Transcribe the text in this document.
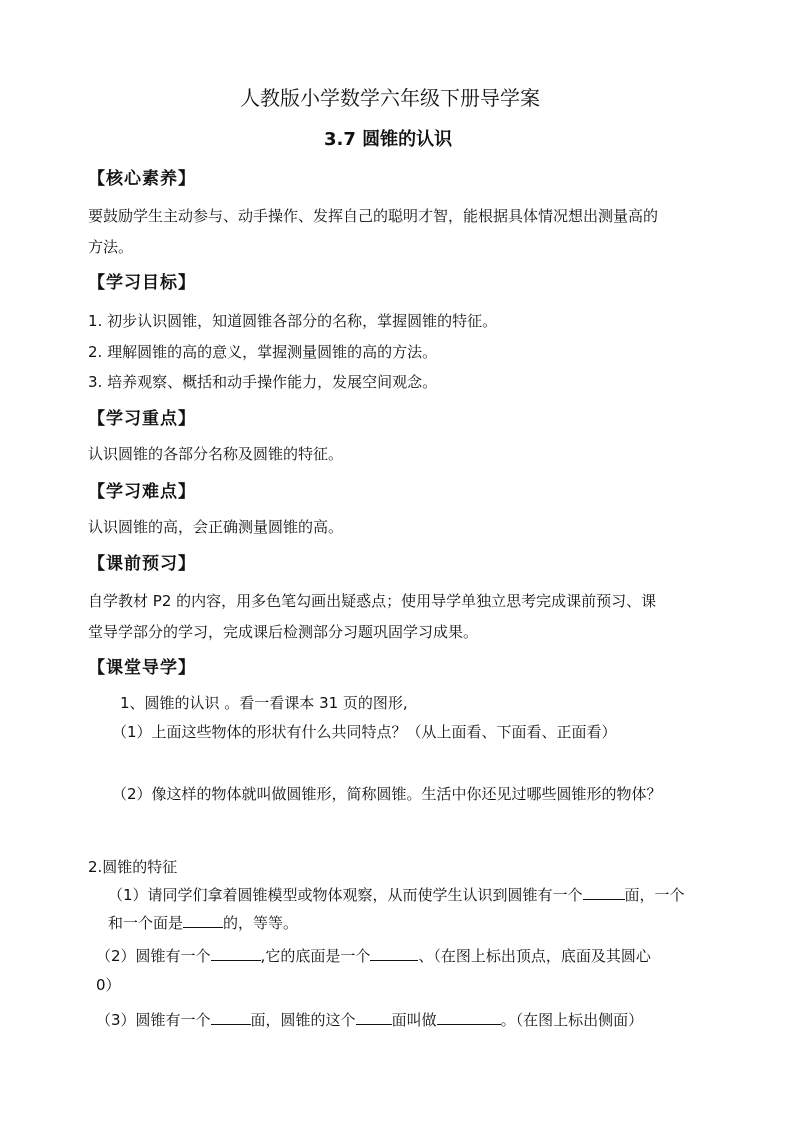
人教版小学数学六年级下册导学案
3.7 圆锥的认识
【核心素养】
要鼓励学生主动参与、动手操作、发挥自己的聪明才智，能根据具体情况想出测量高的
方法。
【学习目标】
1. 初步认识圆锥，知道圆锥各部分的名称，掌握圆锥的特征。
2. 理解圆锥的高的意义，掌握测量圆锥的高的方法。
3. 培养观察、概括和动手操作能力，发展空间观念。
【学习重点】
认识圆锥的各部分名称及圆锥的特征。
【学习难点】
认识圆锥的高，会正确测量圆锥的高。
【课前预习】
自学教材 P2 的内容，用多色笔勾画出疑惑点；使用导学单独立思考完成课前预习、课
堂导学部分的学习，完成课后检测部分习题巩固学习成果。
【课堂导学】
1、圆锥的认识 。看一看课本 31 页的图形,
（1）上面这些物体的形状有什么共同特点？（从上面看、下面看、正面看）
（2）像这样的物体就叫做圆锥形，简称圆锥。生活中你还见过哪些圆锥形的物体？
2.圆锥的特征
（1）请同学们拿着圆锥模型或物体观察，从而使学生认识到圆锥有一个	面，一个
和一个面是	的，等等。
（2）圆锥有一个	,它的底面是一个	、（在图上标出顶点，底面及其圆心
0）
（3）圆锥有一个	面，圆锥的这个 面叫做	。（在图上标出侧面）
